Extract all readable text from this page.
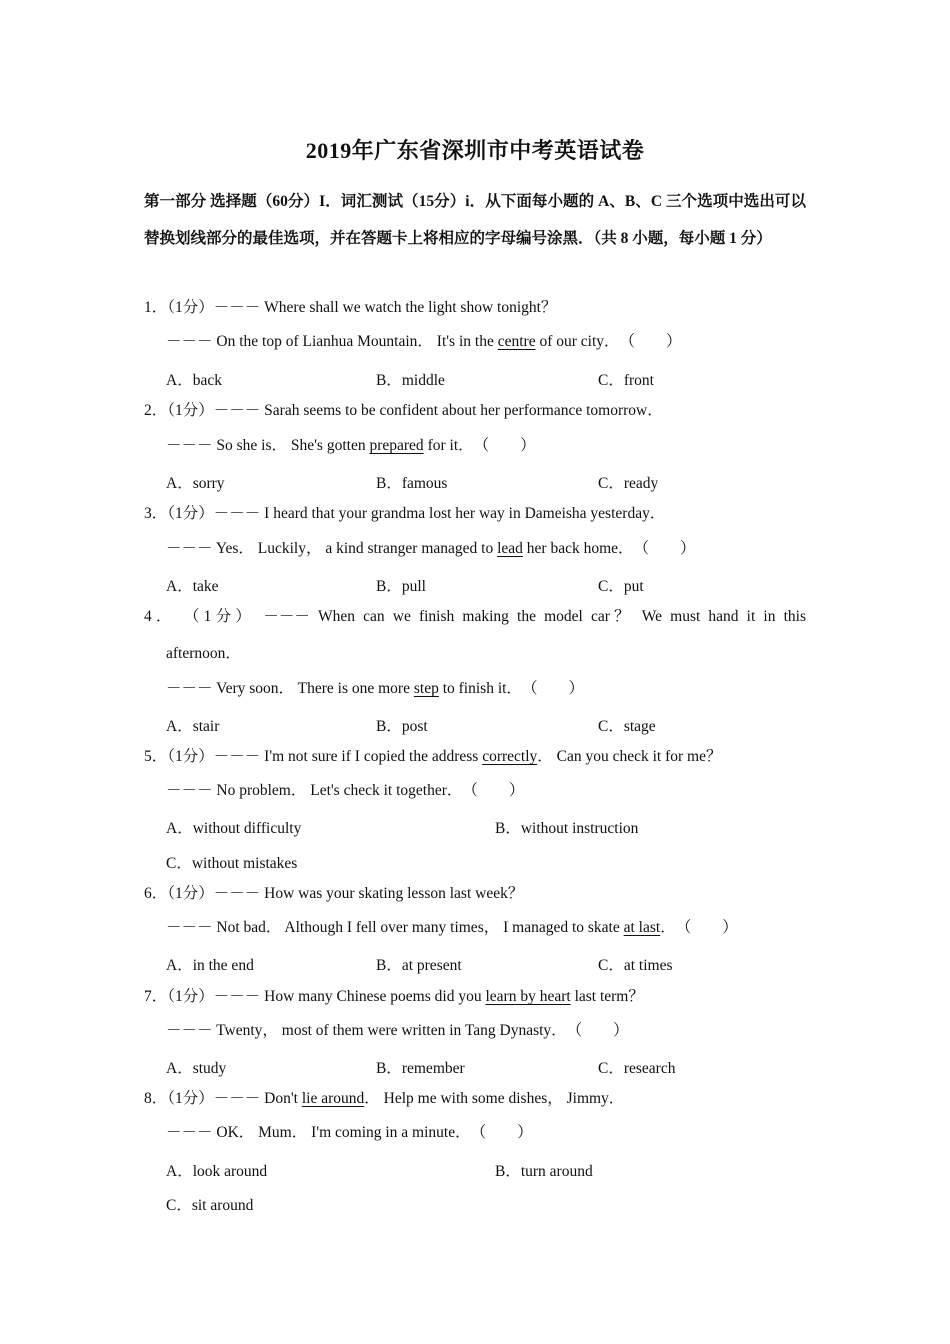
2019年广东省深圳市中考英语试卷
第一部分 选择题（60分）I．词汇测试（15分）i．从下面每小题的 A、B、C 三个选项中选出可以替换划线部分的最佳选项，并在答题卡上将相应的字母编号涂黑．（共 8 小题，每小题 1 分）
1．（1分）－－－ Where shall we watch the light show tonight？
－－－ On the top of Lianhua Mountain． It's in the centre of our city．（　　）
A．back	B．middle	C．front
2．（1分）－－－ Sarah seems to be confident about her performance tomorrow．
－－－ So she is． She's gotten prepared for it．（　　）
A．sorry	B．famous	C．ready
3．（1分）－－－ I heard that your grandma lost her way in Dameisha yesterday．
－－－ Yes． Luckily， a kind stranger managed to lead her back home．（　　）
A．take	B．pull	C．put
4． （1分） －－－ When can we finish making the model car？ We must hand it in this
afternoon．
－－－ Very soon． There is one more step to finish it．（　　）
A．stair	B．post	C．stage
5．（1分）－－－ I'm not sure if I copied the address correctly． Can you check it for me？
－－－ No problem． Let's check it together．（　　）
A．without difficulty	B．without instruction
C．without mistakes
6．（1分）－－－ How was your skating lesson last week？
－－－ Not bad． Although I fell over many times， I managed to skate at last．（　　）
A．in the end	B．at present	C．at times
7．（1分）－－－ How many Chinese poems did you learn by heart last term？
－－－ Twenty， most of them were written in Tang Dynasty．（　　）
A．study	B．remember	C．research
8．（1分）－－－ Don't lie around． Help me with some dishes， Jimmy．
－－－ OK． Mum． I'm coming in a minute．（　　）
A．look around	B．turn around
C．sit around
